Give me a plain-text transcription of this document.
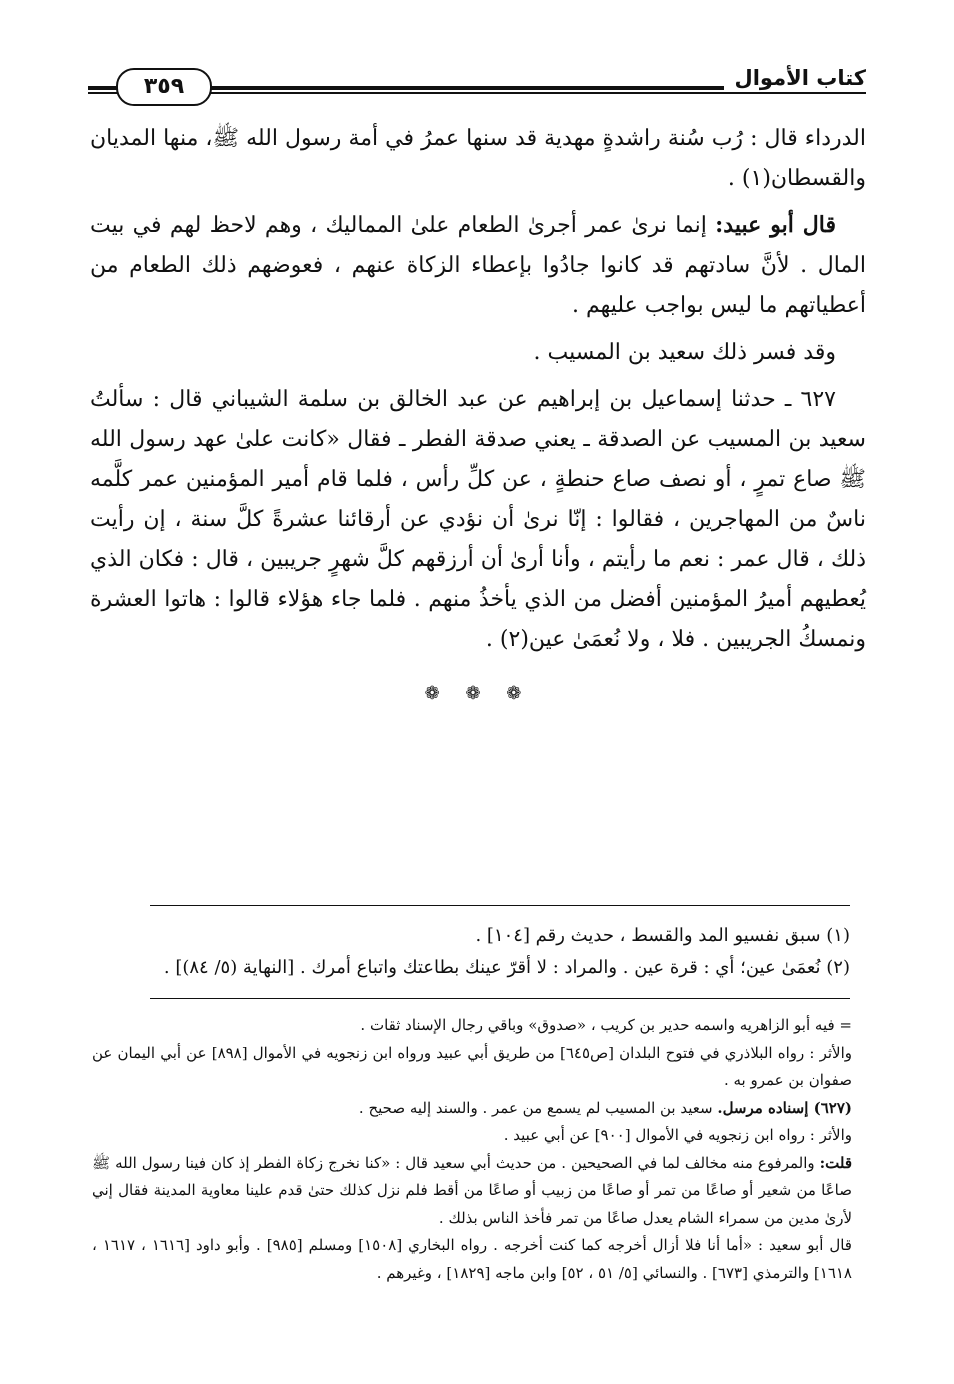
كتاب الأموال
٣٥٩

الدرداء قال : رُب سُنة راشدةٍ مهدية قد سنها عمرُ في أمة رسول الله ﷺ، منها المديان والقسطان(١) .

قال أبو عبيد: إنما نرىٰ عمر أجرىٰ الطعام علىٰ المماليك ، وهم لاحظ لهم في بيت المال . لأنَّ سادتهم قد كانوا جادُوا بإعطاء الزكاة عنهم ، فعوضهم ذلك الطعام من أعطياتهم ما ليس بواجب عليهم .

وقد فسر ذلك سعيد بن المسيب .

٦٢٧ ـ حدثنا إسماعيل بن إبراهيم عن عبد الخالق بن سلمة الشيباني قال : سألتُ سعيد بن المسيب عن الصدقة ـ يعني صدقة الفطر ـ فقال «كانت علىٰ عهد رسول الله ﷺ صاع تمرٍ ، أو نصف صاع حنطةٍ ، عن كلِّ رأس ، فلما قام أمير المؤمنين عمر كلَّمه ناسٌ من المهاجرين ، فقالوا : إنّا نرىٰ أن نؤدي عن أرقائنا عشرةً كلَّ سنة ، إن رأيت ذلك ، قال عمر : نعم ما رأيتم ، وأنا أرىٰ أن أرزقهم كلَّ شهرٍ جريبين ، قال : فكان الذي يُعطيهم أميرُ المؤمنين أفضل من الذي يأخذُ منهم . فلما جاء هؤلاء قالوا : هاتوا العشرة ونمسكُ الجريبين . فلا ، ولا نُعمَىٰ عين(٢) .

❁ ❁ ❁

(١) سبق نفسيو المد والقسط ، حديث رقم [١٠٤] .

(٢) نُعمَىٰ عين؛ أي : قرة عين . والمراد : لا أقرّ عينك بطاعتك واتباع أمرك . [النهاية (٥/ ٨٤)] .

= فيه أبو الزاهريه واسمه حدير بن كريب ، «صدوق» وباقي رجال الإسناد ثقات .

والأثر : رواه البلاذري في فتوح البلدان [ص٦٤٥] من طريق أبي عبيد ورواه ابن زنجويه في الأموال [٨٩٨] عن أبي اليمان عن صفوان بن عمرو به .

(٦٢٧) إسناده مرسل. سعيد بن المسيب لم يسمع من عمر . والسند إليه صحيح .

والأثر : رواه ابن زنجويه في الأموال [٩٠٠] عن أبي عبيد .

قلت: والمرفوع منه مخالف لما في الصحيحين . من حديث أبي سعيد قال : «كنا نخرج زكاة الفطر إذ كان فينا رسول الله ﷺ صاعًا من شعير أو صاعًا من تمر أو صاعًا من زبيب أو صاعًا من أقط فلم نزل كذلك حتىٰ قدم علينا معاوية المدينة فقال إني لأرىٰ مدين من سمراء الشام يعدل صاعًا من تمر فأخذ الناس بذلك .

قال أبو سعيد : «أما أنا فلا أزال أخرجه كما كنت أخرجه . رواه البخاري [١٥٠٨] ومسلم [٩٨٥] . وأبو داود [١٦١٦ ، ١٦١٧ ، ١٦١٨] والترمذي [٦٧٣] . والنسائي [٥/ ٥١ ، ٥٢] وابن ماجه [١٨٢٩] ، وغيرهم .
